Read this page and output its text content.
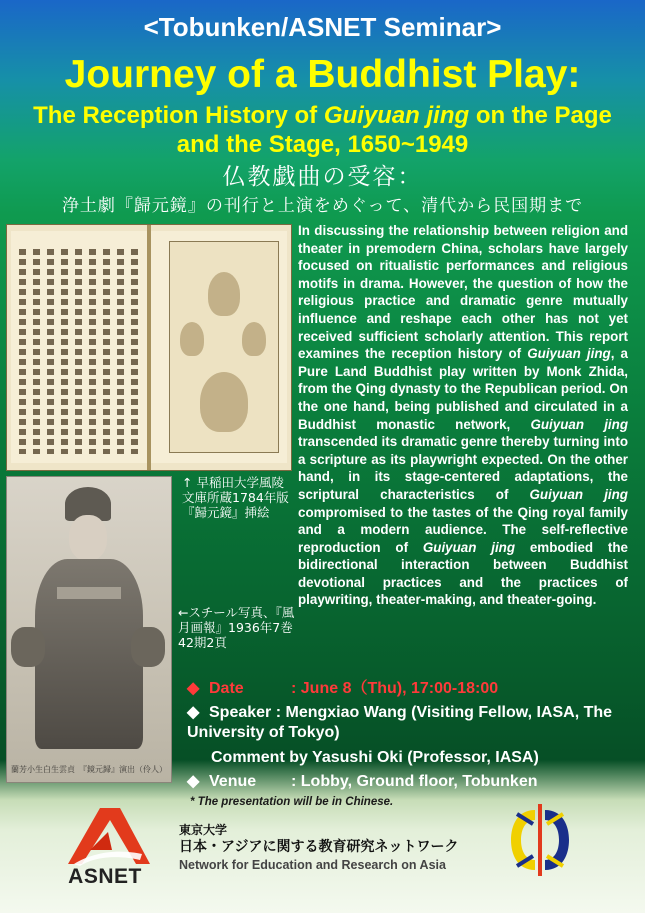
<Tobunken/ASNET Seminar>
Journey of a Buddhist Play:
The Reception History of Guiyuan jing on the Page and the Stage, 1650~1949
仏教戯曲の受容：
浄土劇『歸元鏡』の刊行と上演をめぐって、清代から民国期まで
蘭芳小生白生雲貞　『鏡元歸』演出（伶人）
↑ 早稲田大学風陵文庫所蔵1784年版『歸元鏡』挿絵
←スチール写真、『風月画報』1936年7巻42期2頁

In discussing the relationship between religion and theater in premodern China, scholars have largely focused on ritualistic performances and religious motifs in drama. However, the question of how the religious practice and dramatic genre mutually influence and reshape each other has not yet received sufficient scholarly attention. This report examines the reception history of Guiyuan jing, a Pure Land Buddhist play written by Monk Zhida, from the Qing dynasty to the Republican period. On the one hand, being published and circulated in a Buddhist monastic network, Guiyuan jing transcended its dramatic genre thereby turning into a scripture as its playwright expected. On the other hand, in its stage-centered adaptations, the scriptural characteristics of Guiyuan jing compromised to the tastes of the Qing royal family and a modern audience. The self-reflective reproduction of Guiyuan jing embodied the bidirectional interaction between Buddhist devotional practices and the practices of playwriting, theater-making, and theater-going.

◆ Date	: June 8（Thu), 17:00-18:00
◆ Speaker : Mengxiao Wang (Visiting Fellow, IASA, The University of Tokyo)
Comment by Yasushi Oki (Professor, IASA)
◆ Venue : Lobby, Ground floor, Tobunken
* The presentation will be in Chinese.
ASNET
東京大学
日本・アジアに関する教育研究ネットワーク
Network for Education and Research on Asia
